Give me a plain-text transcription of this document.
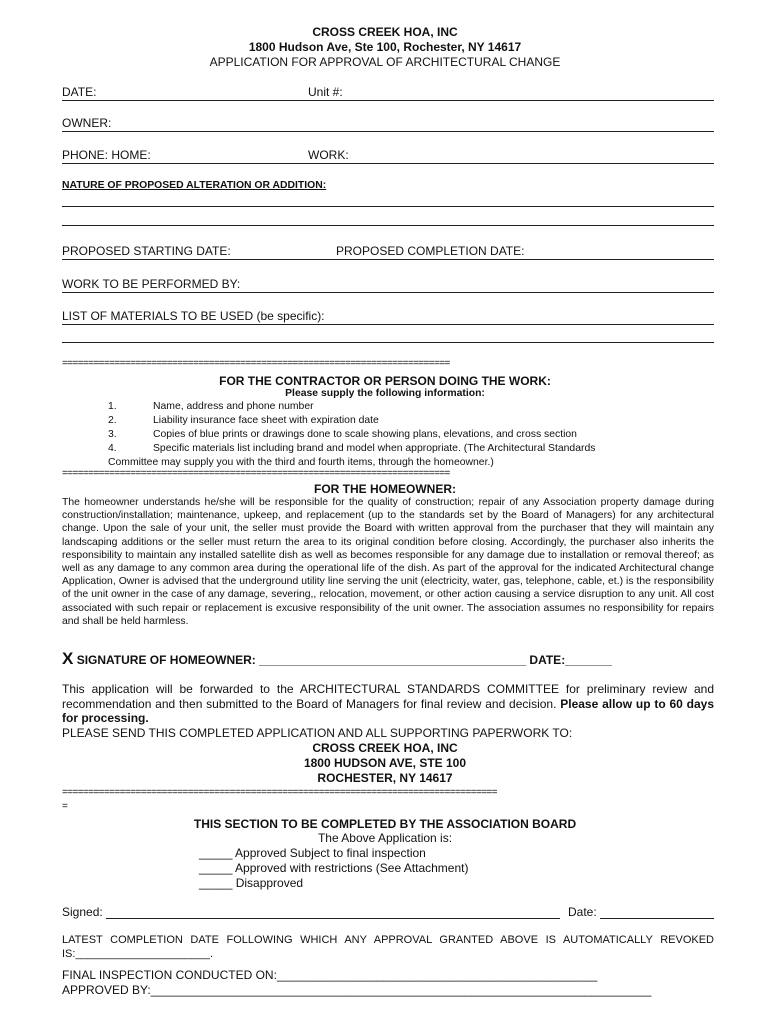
CROSS CREEK HOA, INC
1800 Hudson Ave, Ste 100, Rochester, NY 14617
APPLICATION FOR APPROVAL OF ARCHITECTURAL CHANGE
DATE:	Unit #:
OWNER:
PHONE: HOME:	WORK:
NATURE OF PROPOSED ALTERATION OR ADDITION:
PROPOSED STARTING DATE:	PROPOSED COMPLETION DATE:
WORK TO BE PERFORMED BY:
LIST OF MATERIALS TO BE USED (be specific):
==========================================================================
FOR THE CONTRACTOR OR PERSON DOING THE WORK:
Please supply the following information:
1.	Name, address and phone number
2.	Liability insurance face sheet with expiration date
3.	Copies of blue prints or drawings done to scale showing plans, elevations, and cross section
4.	Specific materials list including brand and model when appropriate. (The Architectural Standards
Committee may supply you with the third and fourth items, through the homeowner.)
==========================================================================
FOR THE HOMEOWNER:
The homeowner understands he/she will be responsible for the quality of construction; repair of any Association property damage during construction/installation; maintenance, upkeep, and replacement (up to the standards set by the Board of Managers) for any architectural change. Upon the sale of your unit, the seller must provide the Board with written approval from the purchaser that they will maintain any landscaping additions or the seller must return the area to its original condition before closing. Accordingly, the purchaser also inherits the responsibility to maintain any installed satellite dish as well as becomes responsible for any damage due to installation or removal thereof; as well as any damage to any common area during the operational life of the dish. As part of the approval for the indicated Architectural change Application, Owner is advised that the underground utility line serving the unit (electricity, water, gas, telephone, cable, et.) is the responsibility of the unit owner in the case of any damage, severing,, relocation, movement, or other action causing a service disruption to any unit. All cost associated with such repair or replacement is excusive responsibility of the unit owner. The association assumes no responsibility for repairs and shall be held harmless.
X SIGNATURE OF HOMEOWNER: ________________________________________ DATE:_______
This application will be forwarded to the ARCHITECTURAL STANDARDS COMMITTEE for preliminary review and recommendation and then submitted to the Board of Managers for final review and decision. Please allow up to 60 days for processing.
PLEASE SEND THIS COMPLETED APPLICATION AND ALL SUPPORTING PAPERWORK TO:
CROSS CREEK HOA, INC
1800 HUDSON AVE, STE 100
ROCHESTER, NY 14617
===================================================================================
=
THIS SECTION TO BE COMPLETED BY THE ASSOCIATION BOARD
The Above Application is:
_____ Approved Subject to final inspection
_____ Approved with restrictions (See Attachment)
_____ Disapproved
Signed:	Date:
LATEST COMPLETION DATE FOLLOWING WHICH ANY APPROVAL GRANTED ABOVE IS AUTOMATICALLY REVOKED
IS:______________________.
FINAL INSPECTION CONDUCTED ON:________________________________________________
APPROVED BY:___________________________________________________________________________
